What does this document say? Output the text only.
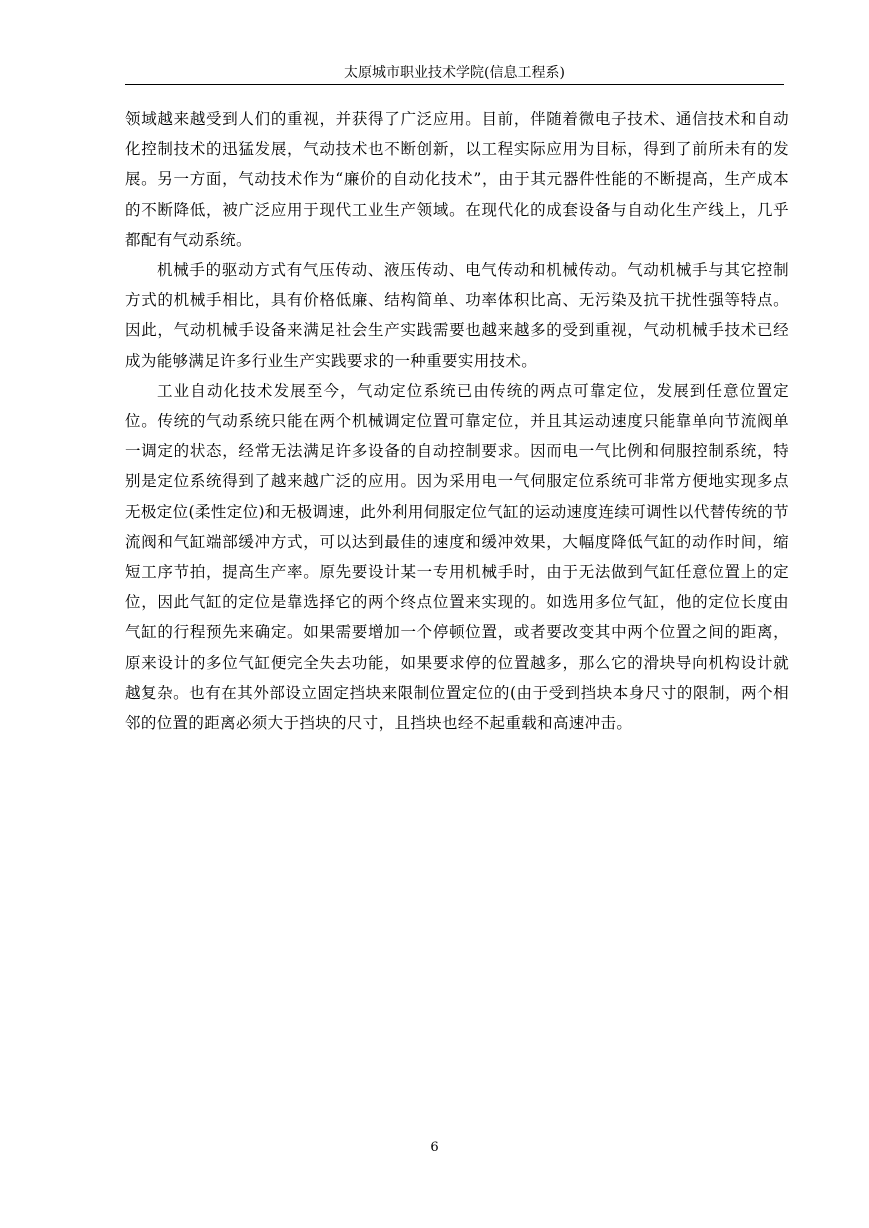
太原城市职业技术学院(信息工程系)

领域越来越受到人们的重视，并获得了广泛应用。目前，伴随着微电子技术、通信技术和自动化控制技术的迅猛发展，气动技术也不断创新，以工程实际应用为目标，得到了前所未有的发展。另一方面，气动技术作为“廉价的自动化技术”，由于其元器件性能的不断提高，生产成本的不断降低，被广泛应用于现代工业生产领域。在现代化的成套设备与自动化生产线上，几乎都配有气动系统。

机械手的驱动方式有气压传动、液压传动、电气传动和机械传动。气动机械手与其它控制方式的机械手相比，具有价格低廉、结构简单、功率体积比高、无污染及抗干扰性强等特点。因此，气动机械手设备来满足社会生产实践需要也越来越多的受到重视，气动机械手技术已经成为能够满足许多行业生产实践要求的一种重要实用技术。

工业自动化技术发展至今，气动定位系统已由传统的两点可靠定位，发展到任意位置定位。传统的气动系统只能在两个机械调定位置可靠定位，并且其运动速度只能靠单向节流阀单一调定的状态，经常无法满足许多设备的自动控制要求。因而电一气比例和伺服控制系统，特别是定位系统得到了越来越广泛的应用。因为采用电一气伺服定位系统可非常方便地实现多点无极定位(柔性定位)和无极调速，此外利用伺服定位气缸的运动速度连续可调性以代替传统的节流阀和气缸端部缓冲方式，可以达到最佳的速度和缓冲效果，大幅度降低气缸的动作时间，缩短工序节拍，提高生产率。原先要设计某一专用机械手时，由于无法做到气缸任意位置上的定位，因此气缸的定位是靠选择它的两个终点位置来实现的。如选用多位气缸，他的定位长度由气缸的行程预先来确定。如果需要增加一个停顿位置，或者要改变其中两个位置之间的距离，原来设计的多位气缸便完全失去功能，如果要求停的位置越多，那么它的滑块导向机构设计就越复杂。也有在其外部设立固定挡块来限制位置定位的(由于受到挡块本身尺寸的限制，两个相邻的位置的距离必须大于挡块的尺寸，且挡块也经不起重载和高速冲击。

6
